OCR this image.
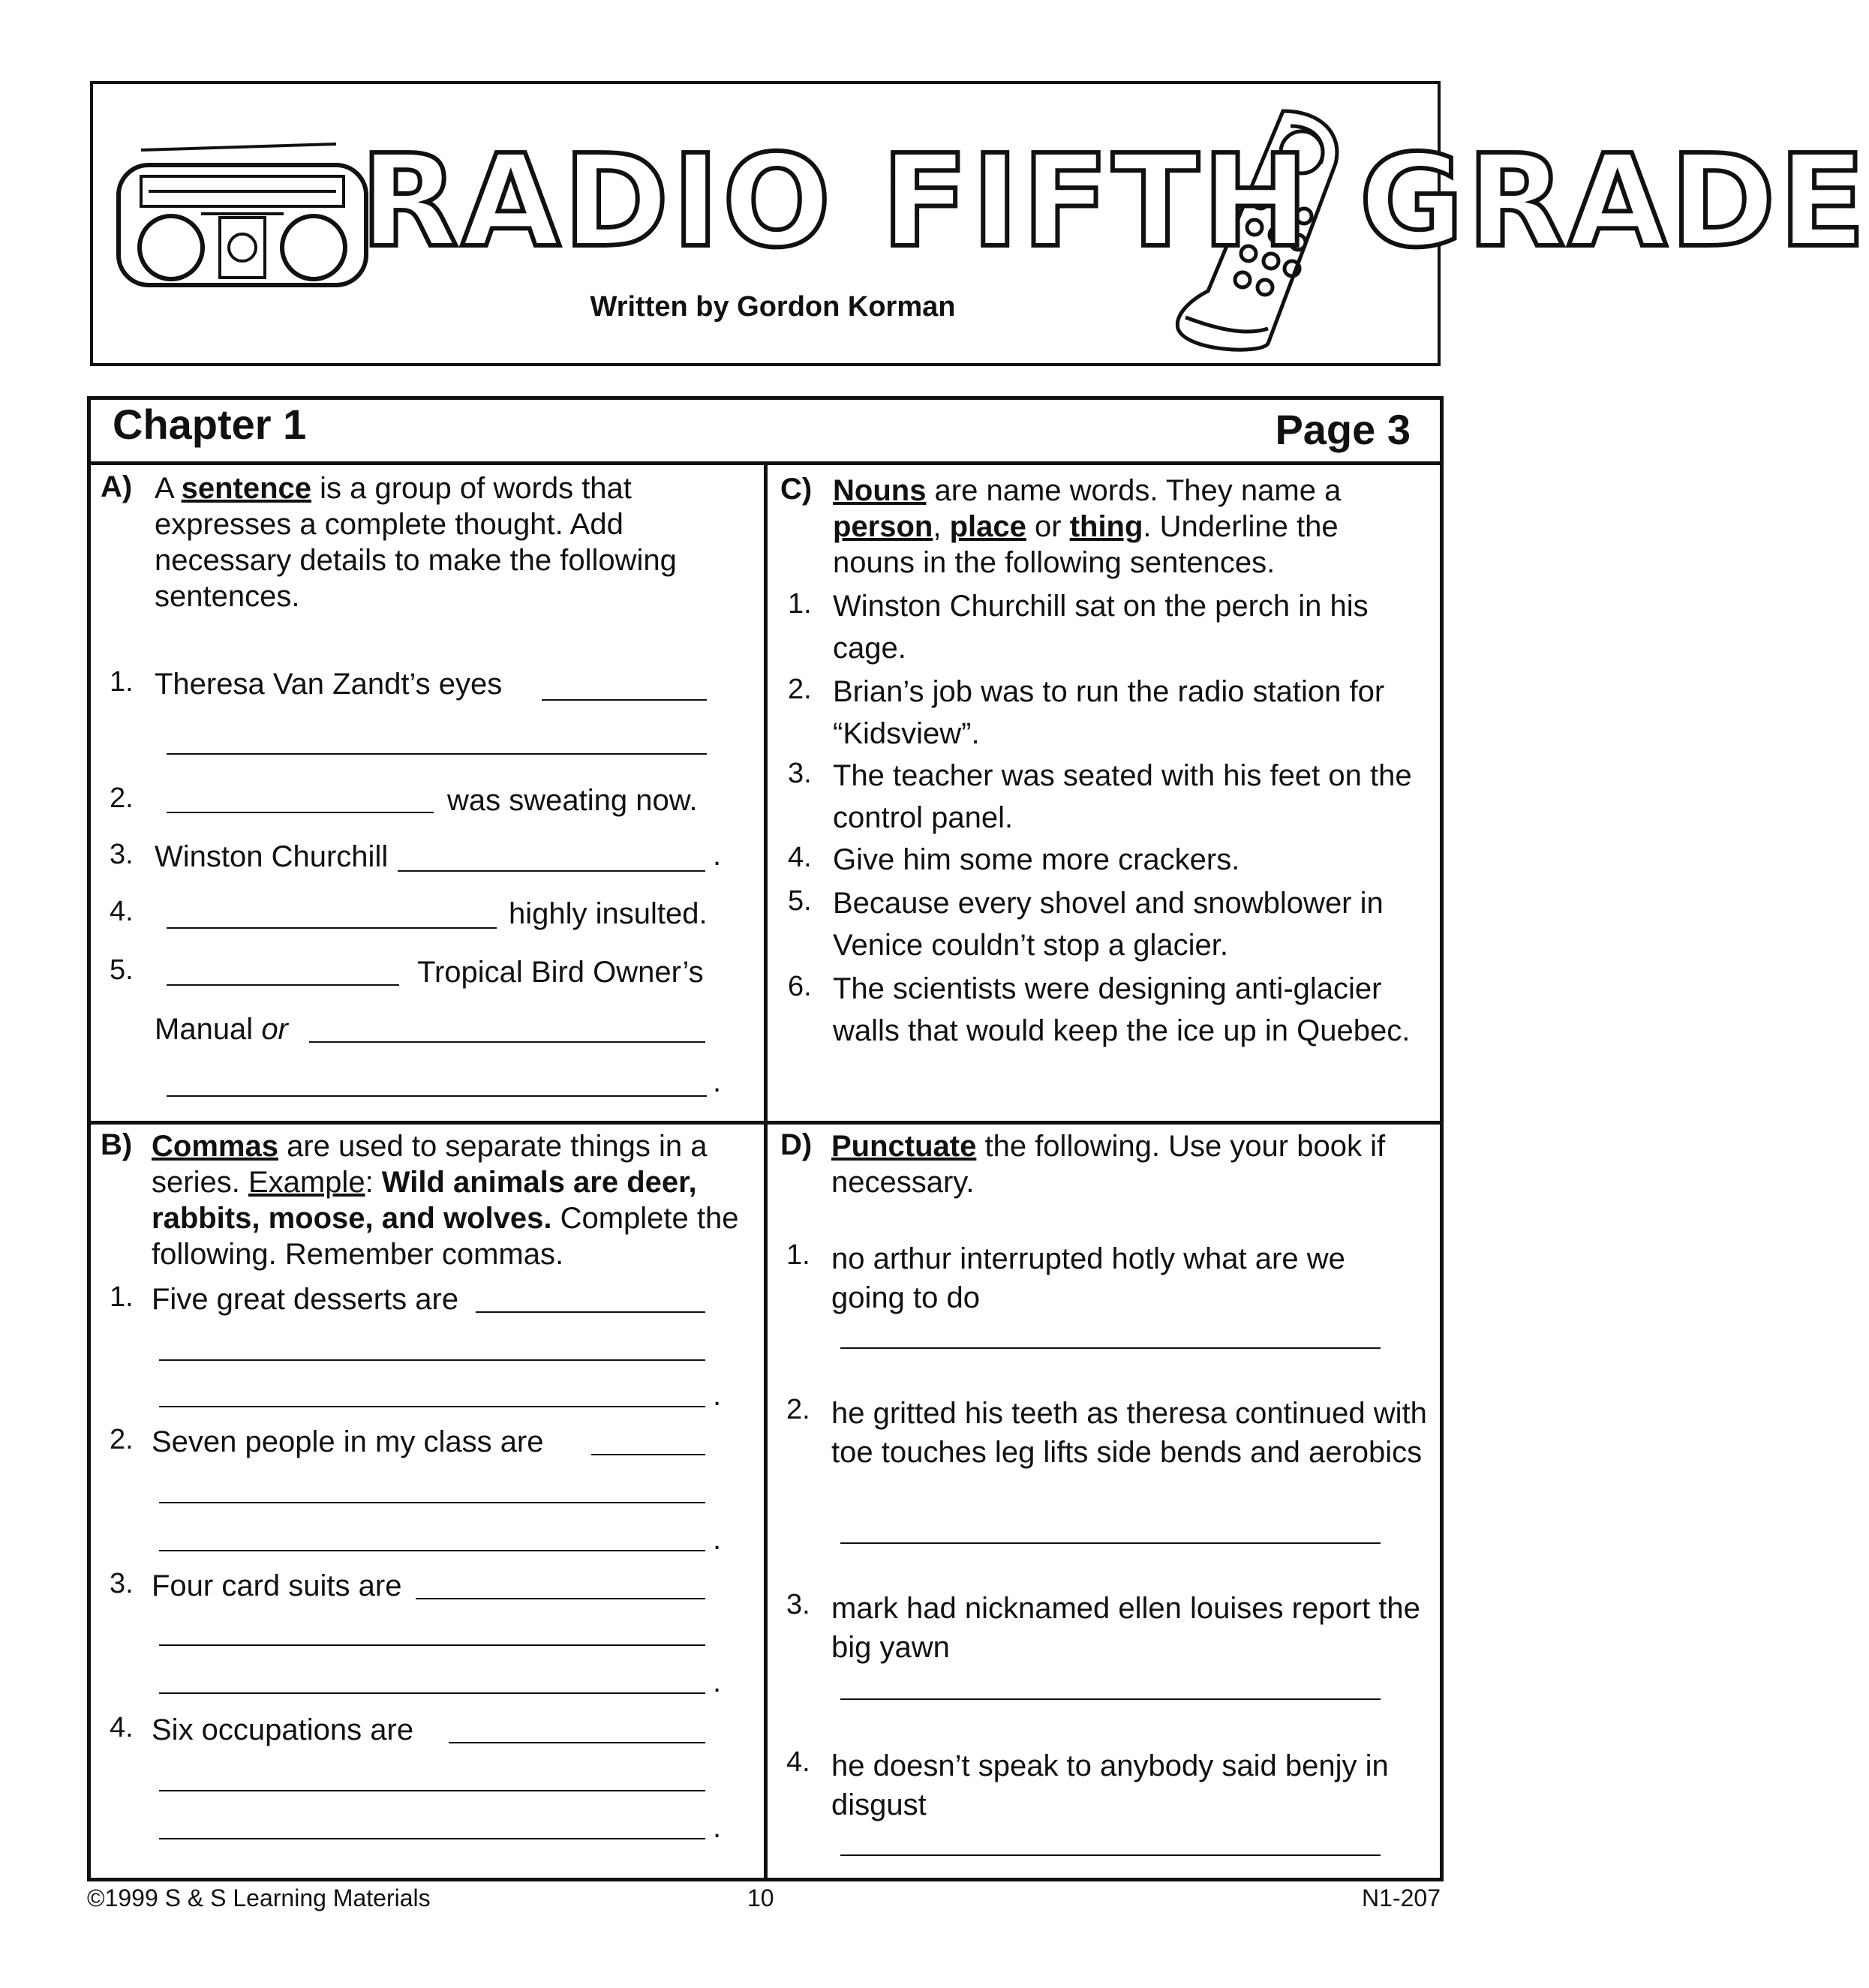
RADIO FIFTH GRADE
Written by Gordon Korman
Chapter 1	Page 3
A) A sentence is a group of words that expresses a complete thought. Add necessary details to make the following sentences.
1. Theresa Van Zandt’s eyes
2.	was sweating now.
3. Winston Churchill	.
4.	highly insulted.
5.	Tropical Bird Owner’s
Manual or
.
C) Nouns are name words. They name a person, place or thing. Underline the nouns in the following sentences.
1. Winston Churchill sat on the perch in his cage.
2. Brian’s job was to run the radio station for “Kidsview”.
3. The teacher was seated with his feet on the control panel.
4. Give him some more crackers.
5. Because every shovel and snowblower in Venice couldn’t stop a glacier.
6. The scientists were designing anti-glacier walls that would keep the ice up in Quebec.
B) Commas are used to separate things in a series. Example: Wild animals are deer, rabbits, moose, and wolves. Complete the following. Remember commas.
1. Five great desserts are
.
2. Seven people in my class are
.
3. Four card suits are
.
4. Six occupations are
.
D) Punctuate the following. Use your book if necessary.
1. no arthur interrupted hotly what are we going to do
2. he gritted his teeth as theresa continued with toe touches leg lifts side bends and aerobics
3. mark had nicknamed ellen louises report the big yawn
4. he doesn’t speak to anybody said benjy in disgust
©1999 S & S Learning Materials	10	N1-207
